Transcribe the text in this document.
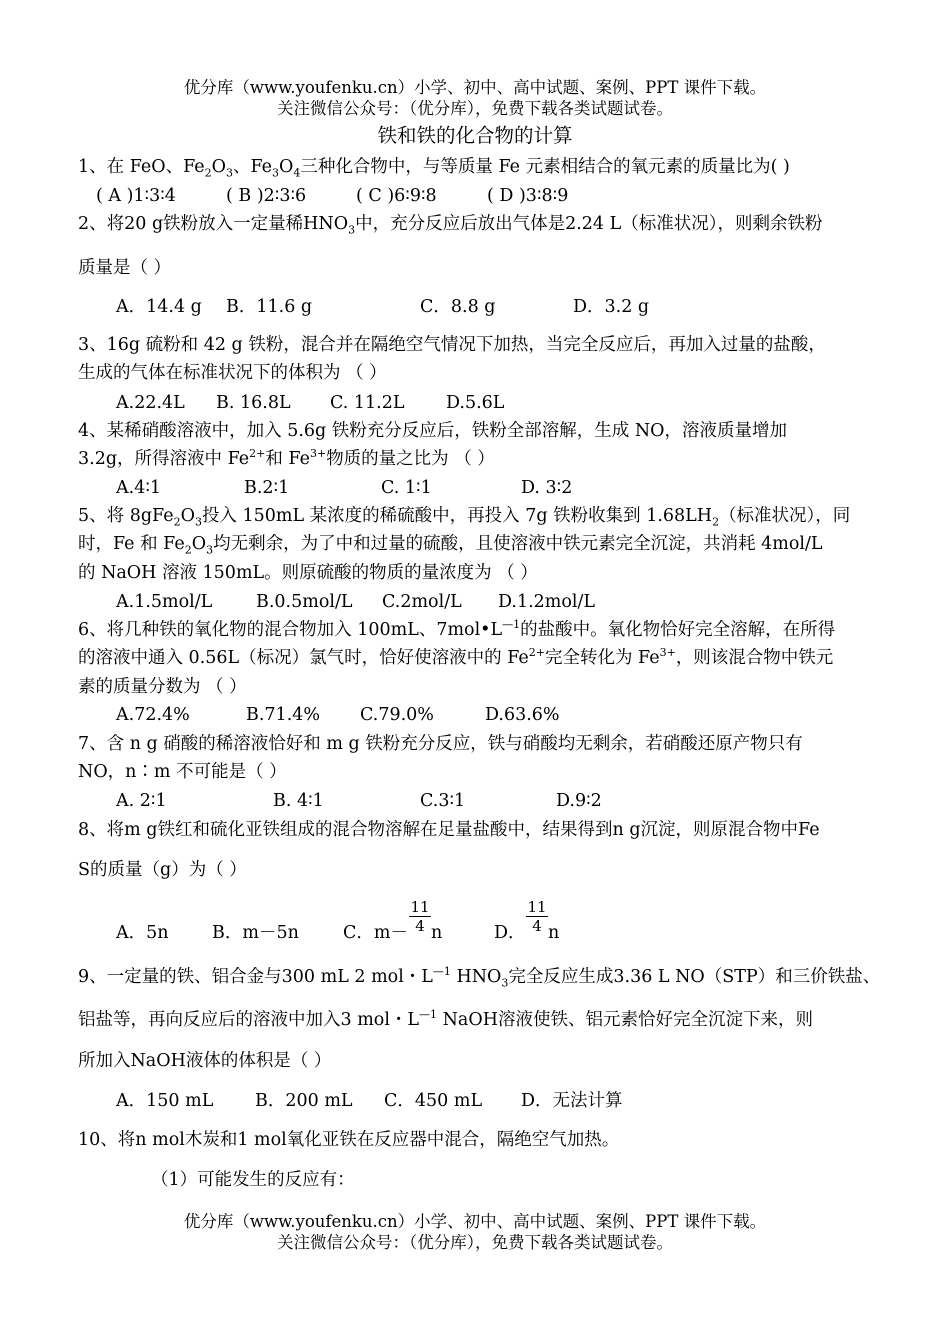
优分库（www.youfenku.cn）小学、初中、高中试题、案例、PPT 课件下载。
关注微信公众号：（优分库），免费下载各类试题试卷。
铁和铁的化合物的计算
1、在 FeO、$Fe_2O_3$、$Fe_3O_4$三种化合物中，与等质量 Fe 元素相结合的氧元素的质量比为( )
( A )1∶3∶4	( B )2∶3∶6	( C )6∶9∶8	( D )3∶8∶9
2、将20 g铁粉放入一定量稀$HNO_3$中，充分反应后放出气体是2.24 L（标准状况），则剩余铁粉
质量是（ ）
A．14.4 g B．11.6 g	C．8.8 g	D．3.2 g
3、16g 硫粉和 42 g 铁粉，混合并在隔绝空气情况下加热，当完全反应后，再加入过量的盐酸，
生成的气体在标准状况下的体积为 （ ）
A.22.4L B. 16.8L C. 11.2L D.5.6L
4、某稀硝酸溶液中，加入 5.6g 铁粉充分反应后，铁粉全部溶解，生成 NO，溶液质量增加
3.2g，所得溶液中 $Fe^{2+}$和 $Fe^{3+}$物质的量之比为 （ ）
A.4∶1	B.2∶1	C. 1∶1	D. 3∶2
5、将 $8gFe_2O_3$投入 150mL 某浓度的稀硫酸中，再投入 7g 铁粉收集到 $1.68LH_2$（标准状况），同
时，Fe 和 $Fe_2O_3$均无剩余，为了中和过量的硫酸，且使溶液中铁元素完全沉淀，共消耗 4mol/L
的 NaOH 溶液 150mL。则原硫酸的物质的量浓度为 （ ）
A.1.5mol/L B.0.5mol/L C.2mol/L D.1.2mol/L
6、将几种铁的氧化物的混合物加入 100mL、$7mol•L^{—1}$的盐酸中。氧化物恰好完全溶解，在所得
的溶液中通入 0.56L（标况）氯气时，恰好使溶液中的 $Fe^{2+}$完全转化为 $Fe^{3+}$，则该混合物中铁元
素的质量分数为 （ ）
A.72.4%	B.71.4% C.79.0%	D.63.6%
7、含 n g 硝酸的稀溶液恰好和 m g 铁粉充分反应，铁与硝酸均无剩余，若硝酸还原产物只有
NO，n∶m 不可能是（ ）
A. 2∶1	B. 4∶1	C.3∶1	D.9∶2
8、将m g铁红和硫化亚铁组成的混合物溶解在足量盐酸中，结果得到n g沉淀，则原混合物中Fe
S的质量（g）为（ ）
A．5n B．m－5n	C．m－ n	D． n
$\frac{11}{4}$	$\frac{11}{4}$
9、一定量的铁、铝合金与300 mL 2 mol・$L^{—1}$ $HNO_3$完全反应生成3.36 L NO（STP）和三价铁盐、
铝盐等，再向反应后的溶液中加入3 mol・$L^{—1}$ NaOH溶液使铁、铝元素恰好完全沉淀下来，则
所加入NaOH液体的体积是（ ）
A．150 mL B．200 mL C．450 mL D．无法计算
10、将n mol木炭和1 mol氧化亚铁在反应器中混合，隔绝空气加热。
（1）可能发生的反应有：
优分库（www.youfenku.cn）小学、初中、高中试题、案例、PPT 课件下载。
关注微信公众号：（优分库），免费下载各类试题试卷。
